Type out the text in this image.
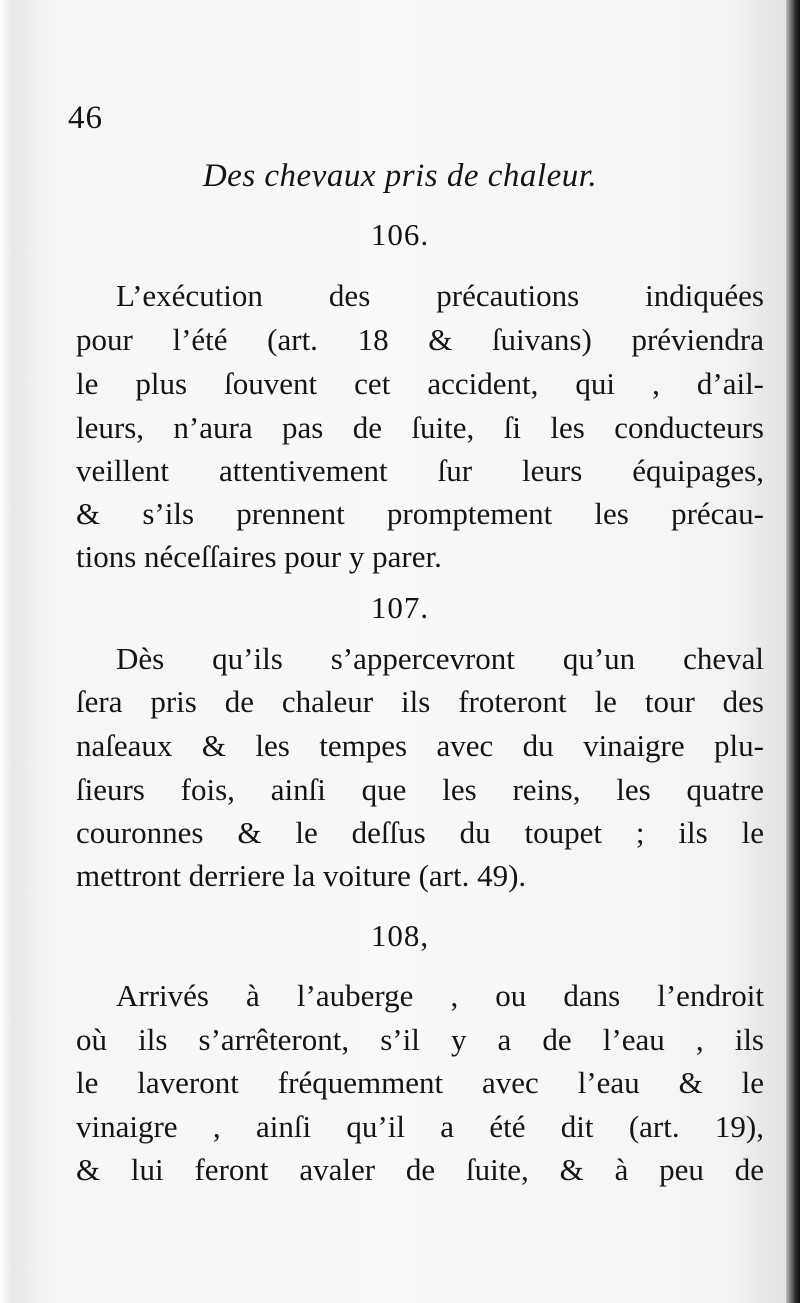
46
Des chevaux pris de chaleur.
106.
L’exécution des précautions indiquées
pour l’été (art. 18 & ſuivans) préviendra
le plus ſouvent cet accident, qui , d’ail-
leurs, n’aura pas de ſuite, ſi les conducteurs
veillent attentivement ſur leurs équipages,
& s’ils prennent promptement les précau-
tions néceſſaires pour y parer.
107.
Dès qu’ils s’appercevront qu’un cheval
ſera pris de chaleur ils froteront le tour des
naſeaux & les tempes avec du vinaigre plu-
ſieurs fois, ainſi que les reins, les quatre
couronnes & le deſſus du toupet ; ils le
mettront derriere la voiture (art. 49).
108,
Arrivés à l’auberge , ou dans l’endroit
où ils s’arrêteront, s’il y a de l’eau , ils
le laveront fréquemment avec l’eau & le
vinaigre , ainſi qu’il a été dit (art. 19),
& lui feront avaler de ſuite, & à peu de
